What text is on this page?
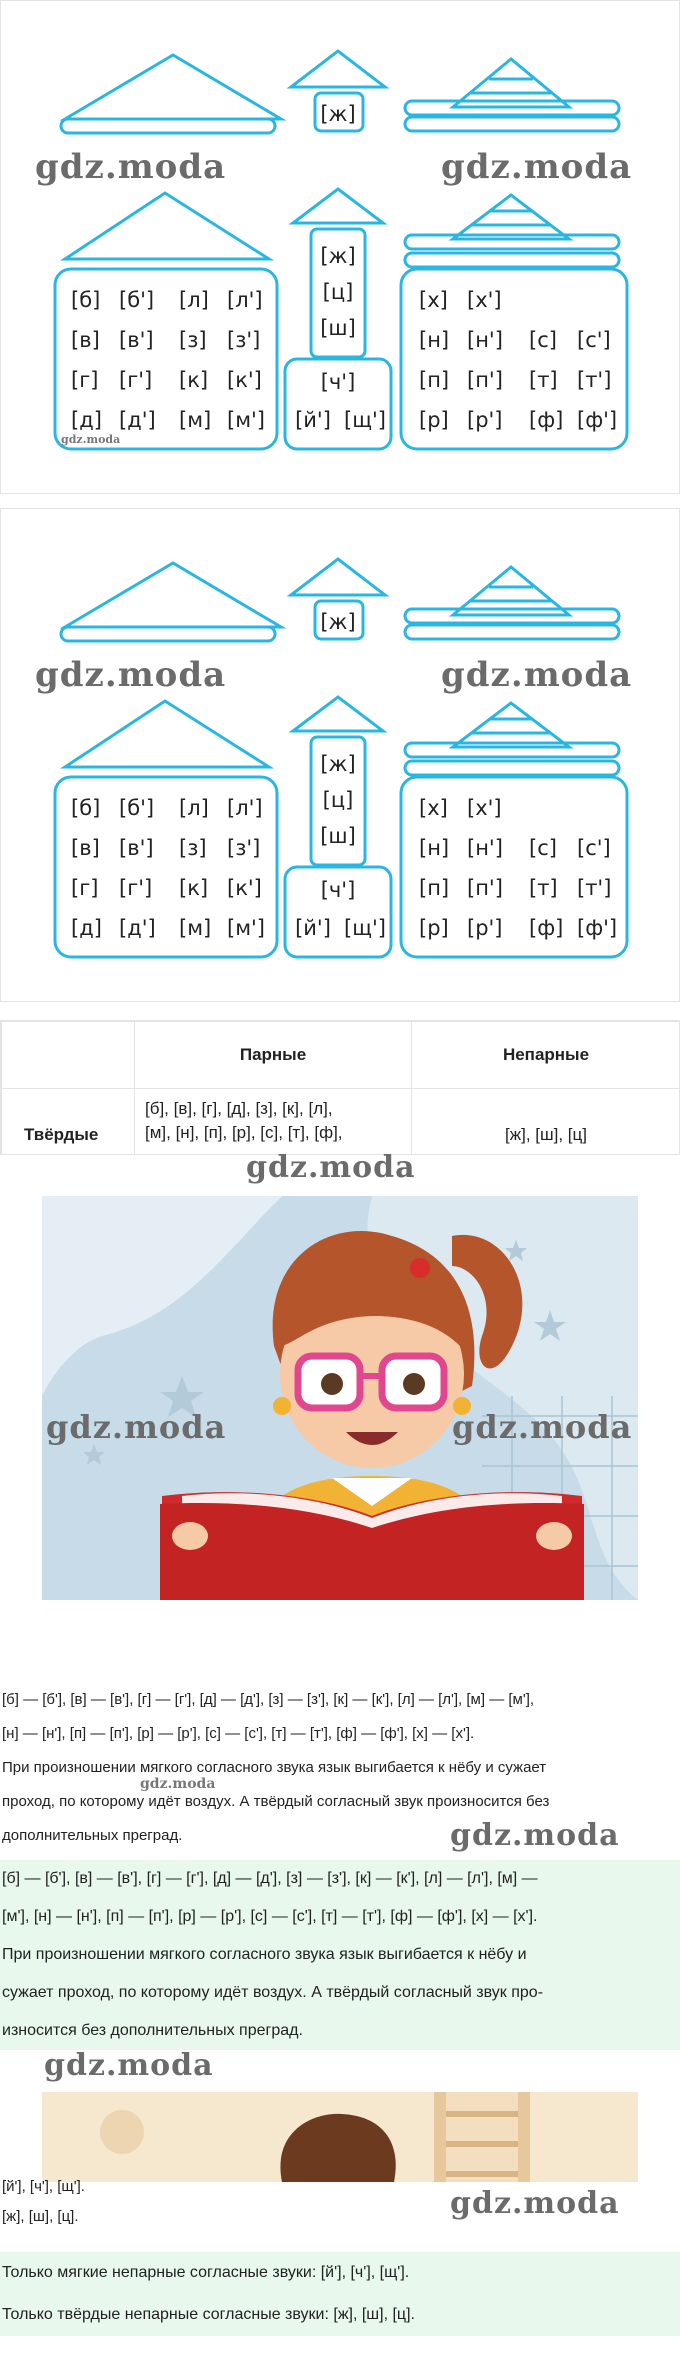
[ж]
[ж]
[ц]
[ш]
[б] [б'] [л] [л']
[в] [в'] [з] [з']
[г] [г'] [к] [к']
[д] [д'] [м] [м']
[ч']
[й'] [щ']
[х] [х']
[н] [н'] [с] [с']
[п] [п'] [т] [т']
[р] [р'] [ф] [ф']
gdz.moda	gdz.moda
gdz.moda
[ж]
[ж]
[ц]
[ш]
[б] [б'] [л] [л']
[в] [в'] [з] [з']
[г] [г'] [к] [к']
[д] [д'] [м] [м']
[ч']
[й'] [щ']
[х] [х']
[н] [н'] [с] [с']
[п] [п'] [т] [т']
[р] [р'] [ф] [ф']
gdz.moda	gdz.moda
	Парные	Непарные
Твёрдые	[б], [в], [г], [д], [з], [к], [л],
[м], [н], [п], [р], [с], [т], [ф],	[ж], [ш], [ц]
gdz.moda
gdz.moda	gdz.moda
[б] — [б'], [в] — [в'], [г] — [г'], [д] — [д'], [з] — [з'], [к] — [к'], [л] — [л'], [м] — [м'],
[н] — [н'], [п] — [п'], [р] — [р'], [с] — [с'], [т] — [т'], [ф] — [ф'], [х] — [х'].
При произношении мягкого согласного звука язык выгибается к нёбу и сужает
проход, по которому идёт воздух. А твёрдый согласный звук произносится без
дополнительных преград.
gdz.moda
gdz.moda
[б] — [б'], [в] — [в'], [г] — [г'], [д] — [д'], [з] — [з'], [к] — [к'], [л] — [л'], [м] —
[м'], [н] — [н'], [п] — [п'], [р] — [р'], [с] — [с'], [т] — [т'], [ф] — [ф'], [х] — [х'].
При произношении мягкого согласного звука язык выгибается к нёбу и
сужает проход, по которому идёт воздух. А твёрдый согласный звук про-
износится без дополнительных преград.
gdz.moda
[й'], [ч'], [щ'].
[ж], [ш], [ц].	gdz.moda
Только мягкие непарные согласные звуки: [й'], [ч'], [щ'].
Только твёрдые непарные согласные звуки: [ж], [ш], [ц].
